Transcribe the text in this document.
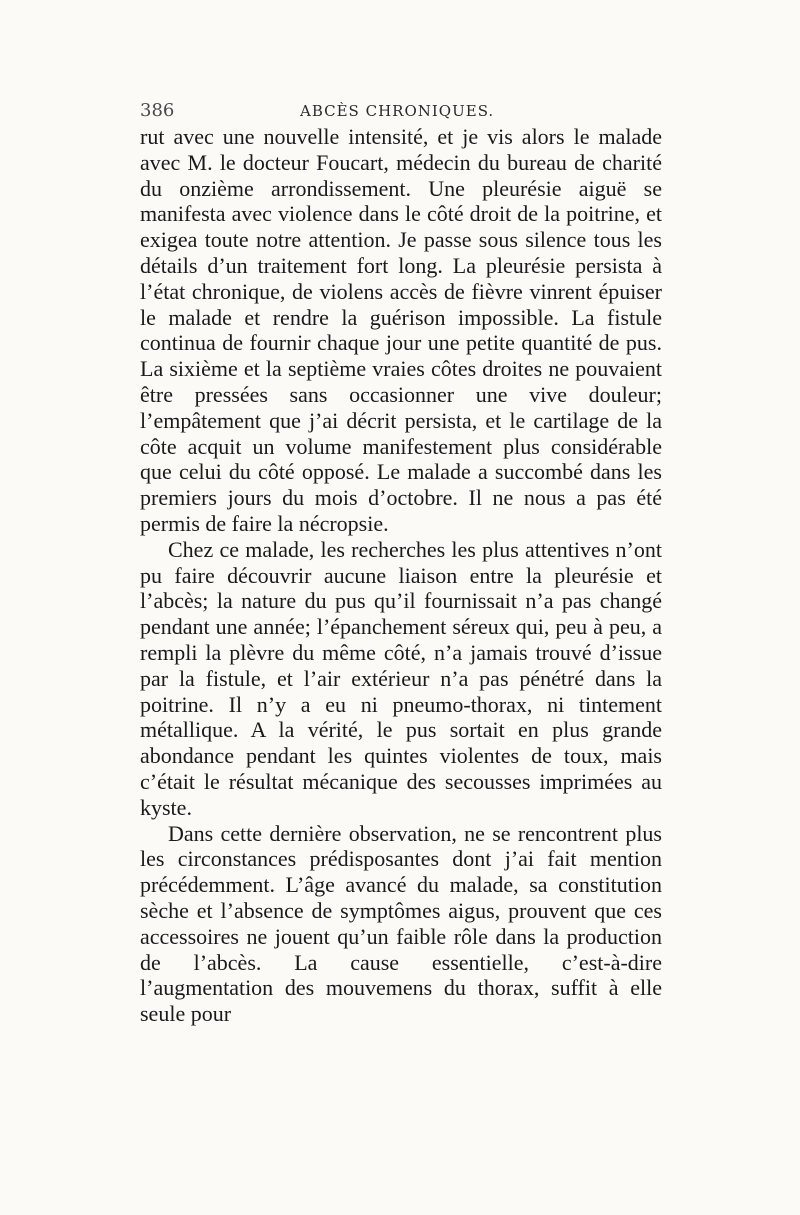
386	ABCÈS CHRONIQUES.

rut avec une nouvelle intensité, et je vis alors le malade avec M. le docteur Foucart, médecin du bureau de charité du onzième arrondissement. Une pleurésie aiguë se manifesta avec violence dans le côté droit de la poitrine, et exigea toute notre attention. Je passe sous silence tous les détails d’un traitement fort long. La pleurésie persista à l’état chronique, de violens accès de fièvre vinrent épuiser le malade et rendre la guérison impossible. La fistule continua de fournir chaque jour une petite quantité de pus. La sixième et la septième vraies côtes droites ne pouvaient être pressées sans occasionner une vive douleur; l’empâtement que j’ai décrit persista, et le cartilage de la côte acquit un volume manifestement plus considérable que celui du côté opposé. Le malade a succombé dans les premiers jours du mois d’octobre. Il ne nous a pas été permis de faire la nécropsie.

Chez ce malade, les recherches les plus attentives n’ont pu faire découvrir aucune liaison entre la pleurésie et l’abcès; la nature du pus qu’il fournissait n’a pas changé pendant une année; l’épanchement séreux qui, peu à peu, a rempli la plèvre du même côté, n’a jamais trouvé d’issue par la fistule, et l’air extérieur n’a pas pénétré dans la poitrine. Il n’y a eu ni pneumo-thorax, ni tintement métallique. A la vérité, le pus sortait en plus grande abondance pendant les quintes violentes de toux, mais c’était le résultat mécanique des secousses imprimées au kyste.

Dans cette dernière observation, ne se rencontrent plus les circonstances prédisposantes dont j’ai fait mention précédemment. L’âge avancé du malade, sa constitution sèche et l’absence de symptômes aigus, prouvent que ces accessoires ne jouent qu’un faible rôle dans la production de l’abcès. La cause essentielle, c’est-à-dire l’augmentation des mouvemens du thorax, suffit à elle seule pour
